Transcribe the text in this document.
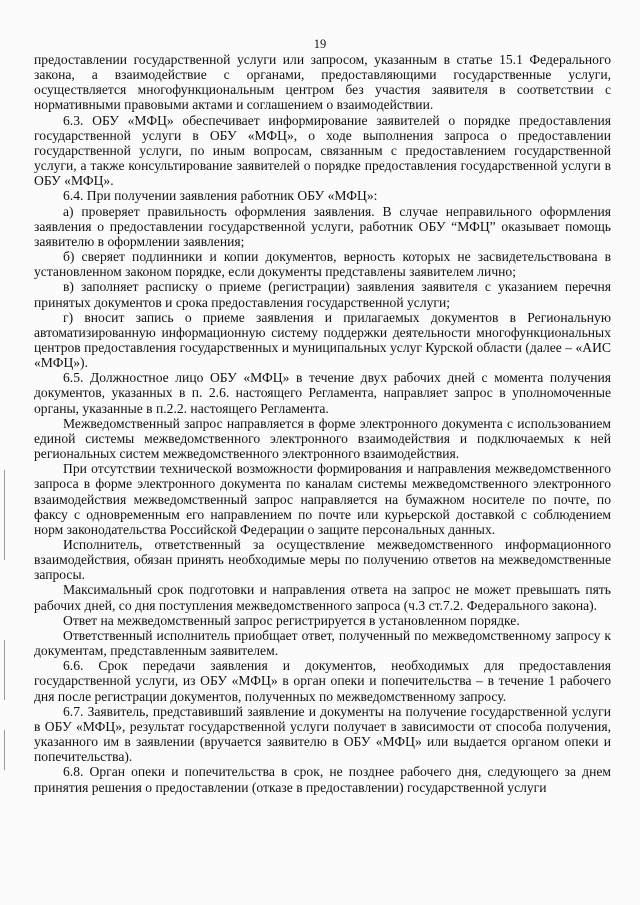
19

предоставлении государственной услуги или запросом, указанным в статье 15.1 Федерального закона, а взаимодействие с органами, предоставляющими государственные услуги, осуществляется многофункциональным центром без участия заявителя в соответствии с нормативными правовыми актами и соглашением о взаимодействии.

6.3. ОБУ «МФЦ» обеспечивает информирование заявителей о порядке предоставления государственной услуги в ОБУ «МФЦ», о ходе выполнения запроса о предоставлении государственной услуги, по иным вопросам, связанным с предоставлением государственной услуги, а также консультирование заявителей о порядке предоставления государственной услуги в ОБУ «МФЦ».

6.4. При получении заявления работник ОБУ «МФЦ»:

а) проверяет правильность оформления заявления. В случае неправильного оформления заявления о предоставлении государственной услуги, работник ОБУ “МФЦ” оказывает помощь заявителю в оформлении заявления;

б) сверяет подлинники и копии документов, верность которых не засвидетельствована в установленном законом порядке, если документы представлены заявителем лично;

в) заполняет расписку о приеме (регистрации) заявления заявителя с указанием перечня принятых документов и срока предоставления государственной услуги;

г) вносит запись о приеме заявления и прилагаемых документов в Региональную автоматизированную информационную систему поддержки деятельности многофункциональных центров предоставления государственных и муниципальных услуг Курской области (далее – «АИС «МФЦ»).

6.5. Должностное лицо ОБУ «МФЦ» в течение двух рабочих дней с момента получения документов, указанных в п. 2.6. настоящего Регламента, направляет запрос в уполномоченные органы, указанные в п.2.2. настоящего Регламента.

Межведомственный запрос направляется в форме электронного документа с использованием единой системы межведомственного электронного взаимодействия и подключаемых к ней региональных систем межведомственного электронного взаимодействия.

При отсутствии технической возможности формирования и направления межведомственного запроса в форме электронного документа по каналам системы межведомственного электронного взаимодействия межведомственный запрос направляется на бумажном носителе по почте, по факсу с одновременным его направлением по почте или курьерской доставкой с соблюдением норм законодательства Российской Федерации о защите персональных данных.

Исполнитель, ответственный за осуществление межведомственного информационного взаимодействия, обязан принять необходимые меры по получению ответов на межведомственные запросы.

Максимальный срок подготовки и направления ответа на запрос не может превышать пять рабочих дней, со дня поступления межведомственного запроса (ч.3 ст.7.2. Федерального закона).

Ответ на межведомственный запрос регистрируется в установленном порядке.

Ответственный исполнитель приобщает ответ, полученный по межведомственному запросу к документам, представленным заявителем.

6.6. Срок передачи заявления и документов, необходимых для предоставления государственной услуги, из ОБУ «МФЦ» в орган опеки и попечительства – в течение 1 рабочего дня после регистрации документов, полученных по межведомственному запросу.

6.7. Заявитель, представивший заявление и документы на получение государственной услуги в ОБУ «МФЦ», результат государственной услуги получает в зависимости от способа получения, указанного им в заявлении (вручается заявителю в ОБУ «МФЦ» или выдается органом опеки и попечительства).

6.8. Орган опеки и попечительства в срок, не позднее рабочего дня, следующего за днем принятия решения о предоставлении (отказе в предоставлении) государственной услуги
